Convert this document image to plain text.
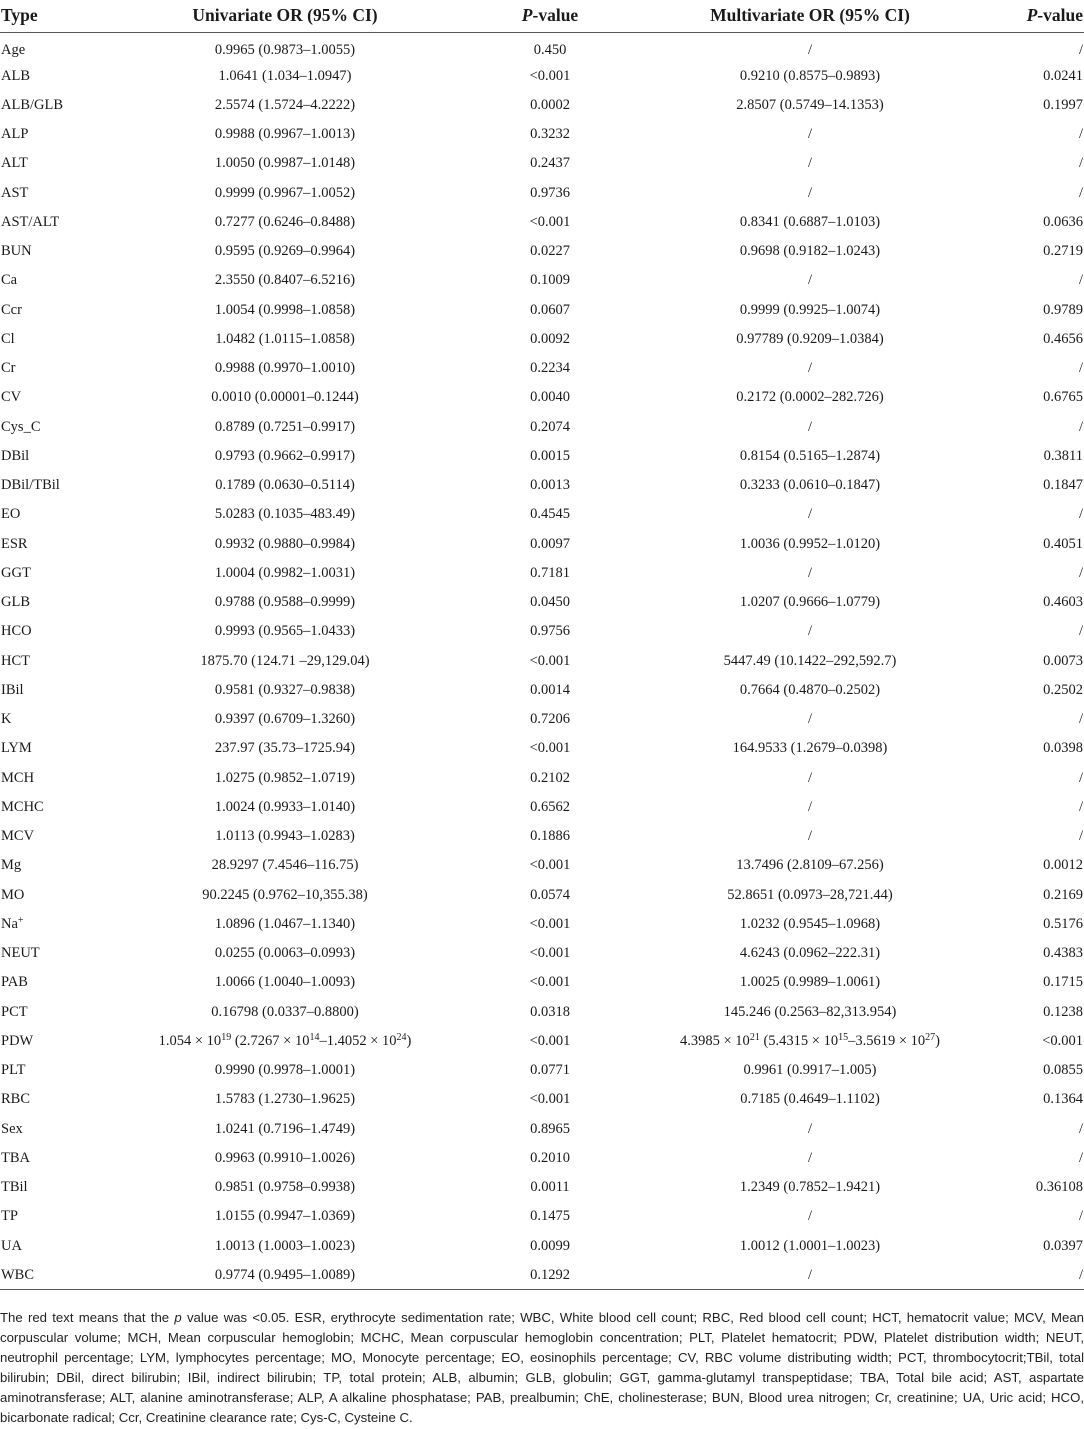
Type	Univariate OR (95% CI)	P-value	Multivariate OR (95% CI)	P-value
Age	0.9965 (0.9873–1.0055)	0.450	/	/
ALB	1.0641 (1.034–1.0947)	<0.001	0.9210 (0.8575–0.9893)	0.0241
ALB/GLB	2.5574 (1.5724–4.2222)	0.0002	2.8507 (0.5749–14.1353)	0.1997
ALP	0.9988 (0.9967–1.0013)	0.3232	/	/
ALT	1.0050 (0.9987–1.0148)	0.2437	/	/
AST	0.9999 (0.9967–1.0052)	0.9736	/	/
AST/ALT	0.7277 (0.6246–0.8488)	<0.001	0.8341 (0.6887–1.0103)	0.0636
BUN	0.9595 (0.9269–0.9964)	0.0227	0.9698 (0.9182–1.0243)	0.2719
Ca	2.3550 (0.8407–6.5216)	0.1009	/	/
Ccr	1.0054 (0.9998–1.0858)	0.0607	0.9999 (0.9925–1.0074)	0.9789
Cl	1.0482 (1.0115–1.0858)	0.0092	0.97789 (0.9209–1.0384)	0.4656
Cr	0.9988 (0.9970–1.0010)	0.2234	/	/
CV	0.0010 (0.00001–0.1244)	0.0040	0.2172 (0.0002–282.726)	0.6765
Cys_C	0.8789 (0.7251–0.9917)	0.2074	/	/
DBil	0.9793 (0.9662–0.9917)	0.0015	0.8154 (0.5165–1.2874)	0.3811
DBil/TBil	0.1789 (0.0630–0.5114)	0.0013	0.3233 (0.0610–0.1847)	0.1847
EO	5.0283 (0.1035–483.49)	0.4545	/	/
ESR	0.9932 (0.9880–0.9984)	0.0097	1.0036 (0.9952–1.0120)	0.4051
GGT	1.0004 (0.9982–1.0031)	0.7181	/	/
GLB	0.9788 (0.9588–0.9999)	0.0450	1.0207 (0.9666–1.0779)	0.4603
HCO	0.9993 (0.9565–1.0433)	0.9756	/	/
HCT	1875.70 (124.71 –29,129.04)	<0.001	5447.49 (10.1422–292,592.7)	0.0073
IBil	0.9581 (0.9327–0.9838)	0.0014	0.7664 (0.4870–0.2502)	0.2502
K	0.9397 (0.6709–1.3260)	0.7206	/	/
LYM	237.97 (35.73–1725.94)	<0.001	164.9533 (1.2679–0.0398)	0.0398
MCH	1.0275 (0.9852–1.0719)	0.2102	/	/
MCHC	1.0024 (0.9933–1.0140)	0.6562	/	/
MCV	1.0113 (0.9943–1.0283)	0.1886	/	/
Mg	28.9297 (7.4546–116.75)	<0.001	13.7496 (2.8109–67.256)	0.0012
MO	90.2245 (0.9762–10,355.38)	0.0574	52.8651 (0.0973–28,721.44)	0.2169
Na+	1.0896 (1.0467–1.1340)	<0.001	1.0232 (0.9545–1.0968)	0.5176
NEUT	0.0255 (0.0063–0.0993)	<0.001	4.6243 (0.0962–222.31)	0.4383
PAB	1.0066 (1.0040–1.0093)	<0.001	1.0025 (0.9989–1.0061)	0.1715
PCT	0.16798 (0.0337–0.8800)	0.0318	145.246 (0.2563–82,313.954)	0.1238
PDW	$1.054 \times 10^{19}$ $(2.7267 \times 10^{14}-1.4052 \times 10^{24})$	<0.001	$4.3985 \times 10^{21}$ $(5.4315 \times 10^{15}-3.5619 \times 10^{27})$	<0.001
PLT	0.9990 (0.9978–1.0001)	0.0771	0.9961 (0.9917–1.005)	0.0855
RBC	1.5783 (1.2730–1.9625)	<0.001	0.7185 (0.4649–1.1102)	0.1364
Sex	1.0241 (0.7196–1.4749)	0.8965	/	/
TBA	0.9963 (0.9910–1.0026)	0.2010	/	/
TBil	0.9851 (0.9758–0.9938)	0.0011	1.2349 (0.7852–1.9421)	0.36108
TP	1.0155 (0.9947–1.0369)	0.1475	/	/
UA	1.0013 (1.0003–1.0023)	0.0099	1.0012 (1.0001–1.0023)	0.0397
WBC	0.9774 (0.9495–1.0089)	0.1292	/	/

The red text means that the p value was <0.05. ESR, erythrocyte sedimentation rate; WBC, White blood cell count; RBC, Red blood cell count; HCT, hematocrit value; MCV, Mean corpuscular volume; MCH, Mean corpuscular hemoglobin; MCHC, Mean corpuscular hemoglobin concentration; PLT, Platelet hematocrit; PDW, Platelet distribution width; NEUT, neutrophil percentage; LYM, lymphocytes percentage; MO, Monocyte percentage; EO, eosinophils percentage; CV, RBC volume distributing width; PCT, thrombocytocrit;TBil, total bilirubin; DBil, direct bilirubin; IBil, indirect bilirubin; TP, total protein; ALB, albumin; GLB, globulin; GGT, gamma-glutamyl transpeptidase; TBA, Total bile acid; AST, aspartate aminotransferase; ALT, alanine aminotransferase; ALP, A alkaline phosphatase; PAB, prealbumin; ChE, cholinesterase; BUN, Blood urea nitrogen; Cr, creatinine; UA, Uric acid; HCO, bicarbonate radical; Ccr, Creatinine clearance rate; Cys-C, Cysteine C.
